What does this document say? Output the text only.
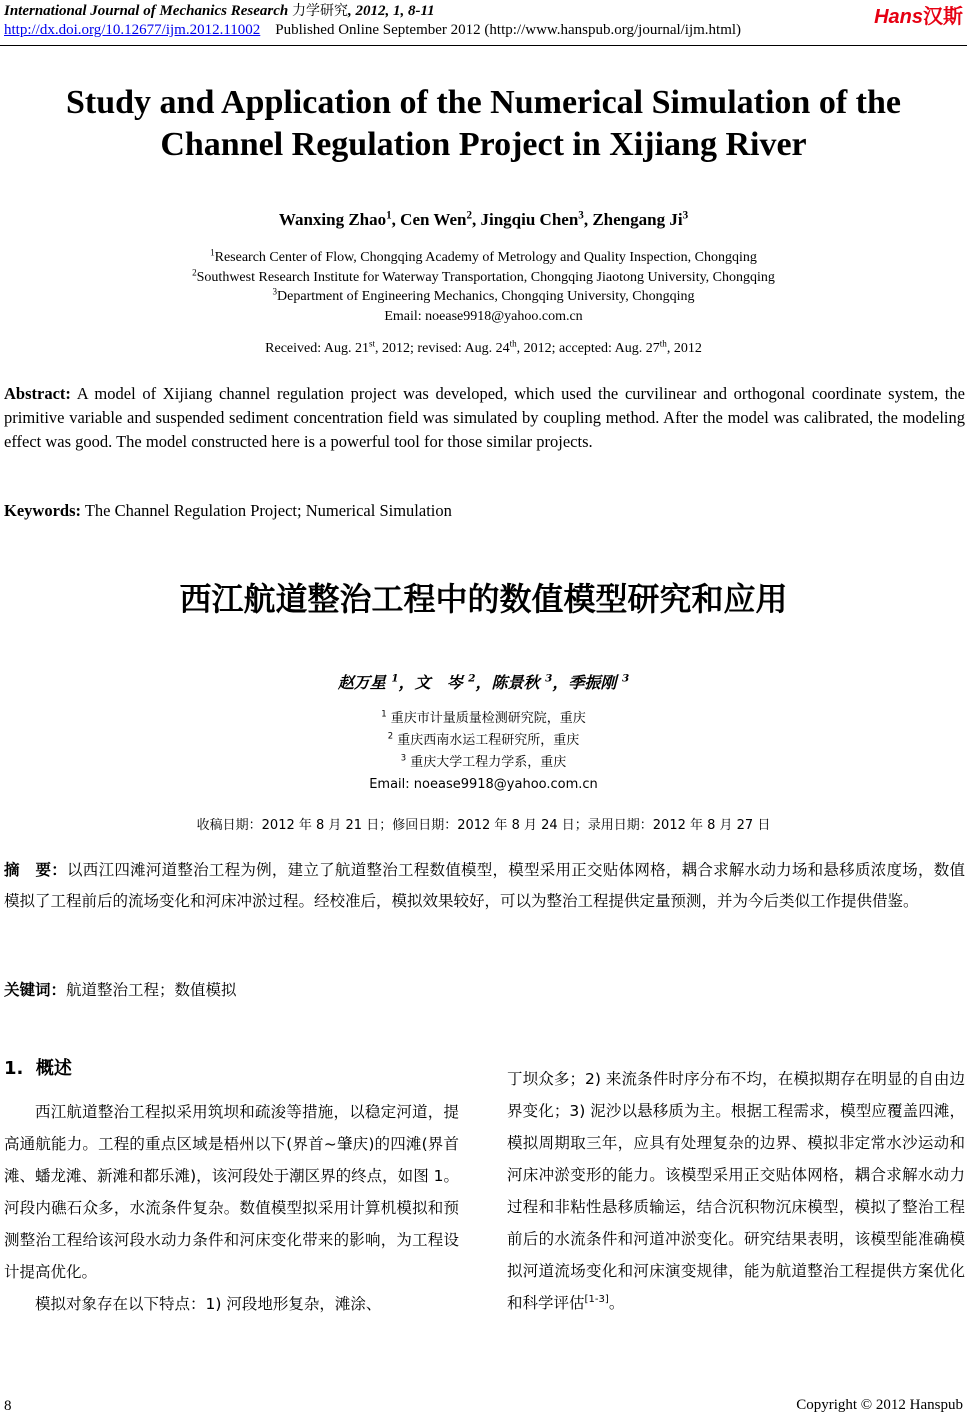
International Journal of Mechanics Research 力学研究, 2012, 1, 8-11	Hans汉斯
http://dx.doi.org/10.12677/ijm.2012.11002 Published Online September 2012 (http://www.hanspub.org/journal/ijm.html)
Study and Application of the Numerical Simulation of the
Channel Regulation Project in Xijiang River
Wanxing Zhao$^1$, Cen Wen$^2$, Jingqiu Chen$^3$, Zhengang Ji$^3$
$^1$Research Center of Flow, Chongqing Academy of Metrology and Quality Inspection, Chongqing
$^2$Southwest Research Institute for Waterway Transportation, Chongqing Jiaotong University, Chongqing
$^3$Department of Engineering Mechanics, Chongqing University, Chongqing
Email: noease9918@yahoo.com.cn
Received: Aug. 21st, 2012; revised: Aug. 24th, 2012; accepted: Aug. 27th, 2012
Abstract: A model of Xijiang channel regulation project was developed, which used the curvilinear and orthogonal coordinate system, the primitive variable and suspended sediment concentration field was simulated by coupling method. After the model was calibrated, the modeling effect was good. The model constructed here is a powerful tool for those similar projects.
Keywords: The Channel Regulation Project; Numerical Simulation
西江航道整治工程中的数值模型研究和应用
赵万星 $^1$，文　岑 $^2$，陈景秋 $^3$，季振刚 $^3$
$^1$ 重庆市计量质量检测研究院，重庆
$^2$ 重庆西南水运工程研究所，重庆
$^3$ 重庆大学工程力学系，重庆
Email: noease9918@yahoo.com.cn
收稿日期：2012 年 8 月 21 日；修回日期：2012 年 8 月 24 日；录用日期：2012 年 8 月 27 日
摘　要：以西江四滩河道整治工程为例，建立了航道整治工程数值模型，模型采用正交贴体网格，耦合求解水动力场和悬移质浓度场，数值模拟了工程前后的流场变化和河床冲淤过程。经校准后，模拟效果较好，可以为整治工程提供定量预测，并为今后类似工作提供借鉴。
关键词：航道整治工程；数值模拟
1. 概述

西江航道整治工程拟采用筑坝和疏浚等措施，以稳定河道，提高通航能力。工程的重点区域是梧州以下(界首~肇庆)的四滩(界首滩、蟠龙滩、新滩和都乐滩)，该河段处于潮区界的终点，如图 1。河段内礁石众多，水流条件复杂。数值模型拟采用计算机模拟和预测整治工程给该河段水动力条件和河床变化带来的影响，为工程设计提高优化。

模拟对象存在以下特点：1) 河段地形复杂，滩涂、

丁坝众多；2) 来流条件时序分布不均，在模拟期存在明显的自由边界变化；3) 泥沙以悬移质为主。根据工程需求，模型应覆盖四滩，模拟周期取三年，应具有处理复杂的边界、模拟非定常水沙运动和河床冲淤变形的能力。该模型采用正交贴体网格，耦合求解水动力过程和非粘性悬移质输运，结合沉积物沉床模型，模拟了整治工程前后的水流条件和河道冲淤变化。研究结果表明，该模型能准确模拟河道流场变化和河床演变规律，能为航道整治工程提供方案优化和科学评估[1-3]。

8	Copyright © 2012 Hanspub
